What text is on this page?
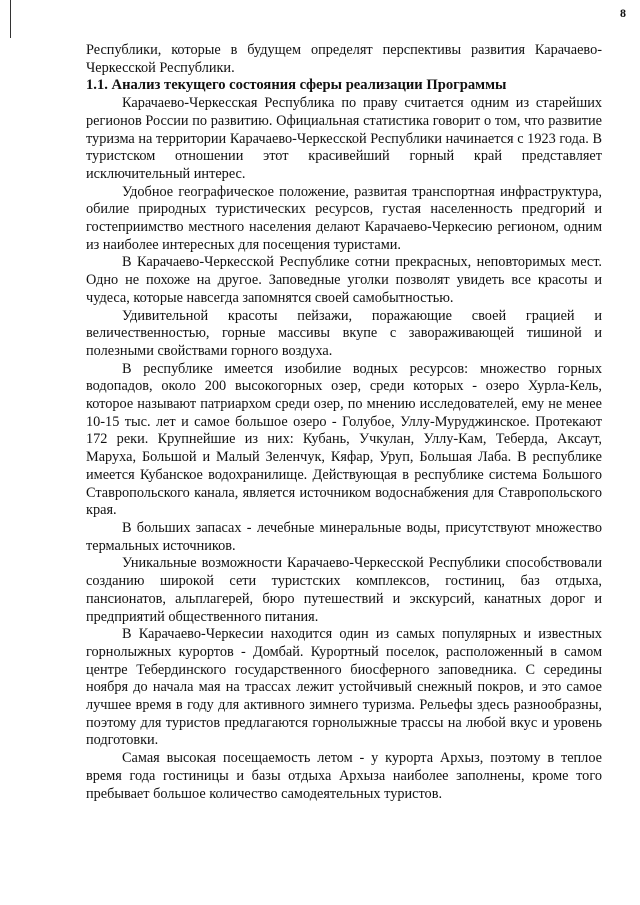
8

Республики, которые в будущем определят перспективы развития Карачаево-Черкесской Республики.

1.1. Анализ текущего состояния сферы реализации Программы

Карачаево-Черкесская Республика по праву считается одним из старейших регионов России по развитию. Официальная статистика говорит о том, что развитие туризма на территории Карачаево-Черкесской Республики начинается с 1923 года. В туристском отношении этот красивейший горный край представляет исключительный интерес.

Удобное географическое положение, развитая транспортная инфраструктура, обилие природных туристических ресурсов, густая населенность предгорий и гостеприимство местного населения делают Карачаево-Черкесию регионом, одним из наиболее интересных для посещения туристами.

В Карачаево-Черкесской Республике сотни прекрасных, неповторимых мест. Одно не похоже на другое. Заповедные уголки позволят увидеть все красоты и чудеса, которые навсегда запомнятся своей самобытностью.

Удивительной красоты пейзажи, поражающие своей грацией и величественностью, горные массивы вкупе с завораживающей тишиной и полезными свойствами горного воздуха.

В республике имеется изобилие водных ресурсов: множество горных водопадов, около 200 высокогорных озер, среди которых - озеро Хурла-Кель, которое называют патриархом среди озер, по мнению исследователей, ему не менее 10-15 тыс. лет и самое большое озеро - Голубое, Уллу-Муруджинское. Протекают 172 реки. Крупнейшие из них: Кубань, Учкулан, Уллу-Кам, Теберда, Аксаут, Маруха, Большой и Малый Зеленчук, Кяфар, Уруп, Большая Лаба. В республике имеется Кубанское водохранилище. Действующая в республике система Большого Ставропольского канала, является источником водоснабжения для Ставропольского края.

В больших запасах - лечебные минеральные воды, присутствуют множество термальных источников.

Уникальные возможности Карачаево-Черкесской Республики способствовали созданию широкой сети туристских комплексов, гостиниц, баз отдыха, пансионатов, альплагерей, бюро путешествий и экскурсий, канатных дорог и предприятий общественного питания.

В Карачаево-Черкесии находится один из самых популярных и известных горнолыжных курортов - Домбай. Курортный поселок, расположенный в самом центре Тебердинского государственного биосферного заповедника. С середины ноября до начала мая на трассах лежит устойчивый снежный покров, и это самое лучшее время в году для активного зимнего туризма. Рельефы здесь разнообразны, поэтому для туристов предлагаются горнолыжные трассы на любой вкус и уровень подготовки.

Самая высокая посещаемость летом - у курорта Архыз, поэтому в теплое время года гостиницы и базы отдыха Архыза наиболее заполнены, кроме того пребывает большое количество самодеятельных туристов.
